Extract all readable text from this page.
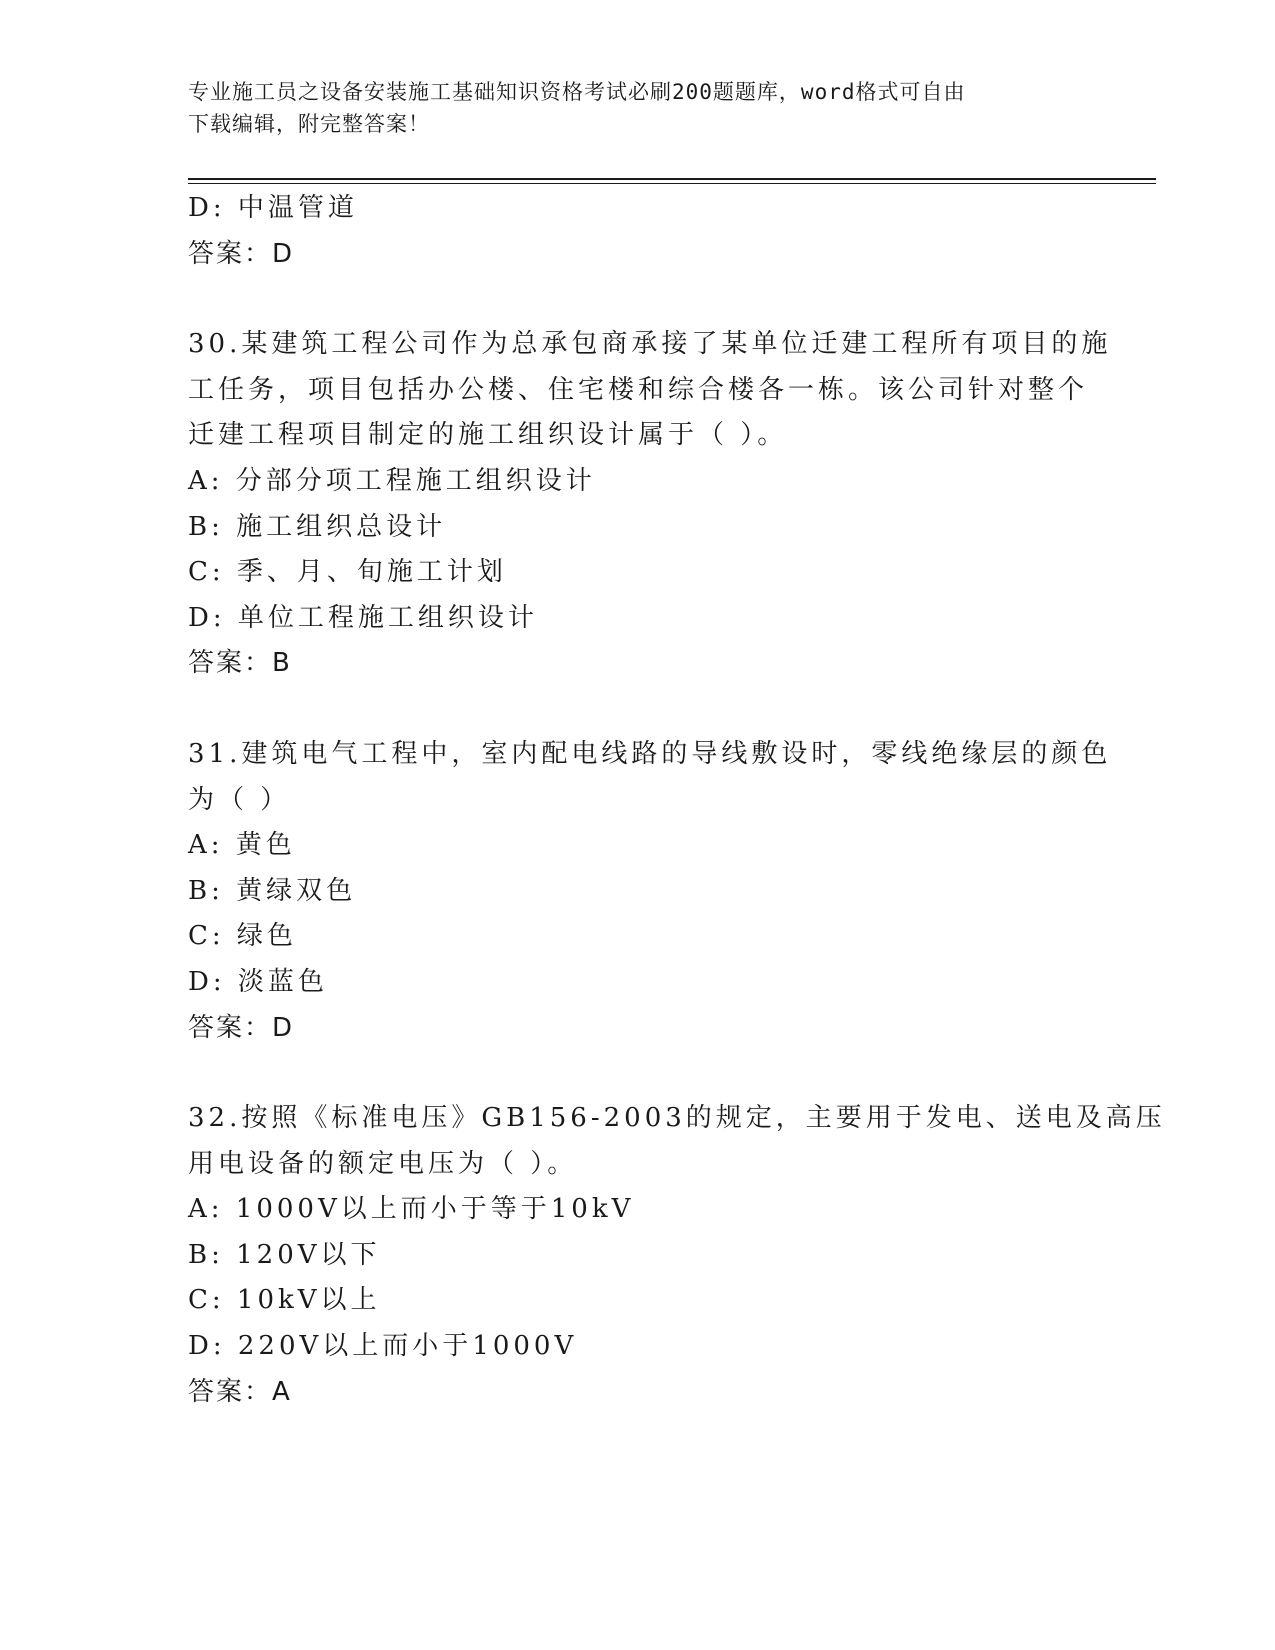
专业施工员之设备安装施工基础知识资格考试必刷200题题库，word格式可自由
下载编辑，附完整答案！
D: 中温管道
答案：D
30.某建筑工程公司作为总承包商承接了某单位迁建工程所有项目的施
工任务，项目包括办公楼、住宅楼和综合楼各一栋。该公司针对整个
迁建工程项目制定的施工组织设计属于（ ）。
A: 分部分项工程施工组织设计
B: 施工组织总设计
C: 季、月、旬施工计划
D: 单位工程施工组织设计
答案：B
31.建筑电气工程中，室内配电线路的导线敷设时，零线绝缘层的颜色
为（ ）
A: 黄色
B: 黄绿双色
C: 绿色
D: 淡蓝色
答案：D
32.按照《标准电压》GB156-2003的规定，主要用于发电、送电及高压
用电设备的额定电压为（ ）。
A: 1000V以上而小于等于10kV
B: 120V以下
C: 10kV以上
D: 220V以上而小于1000V
答案：A
